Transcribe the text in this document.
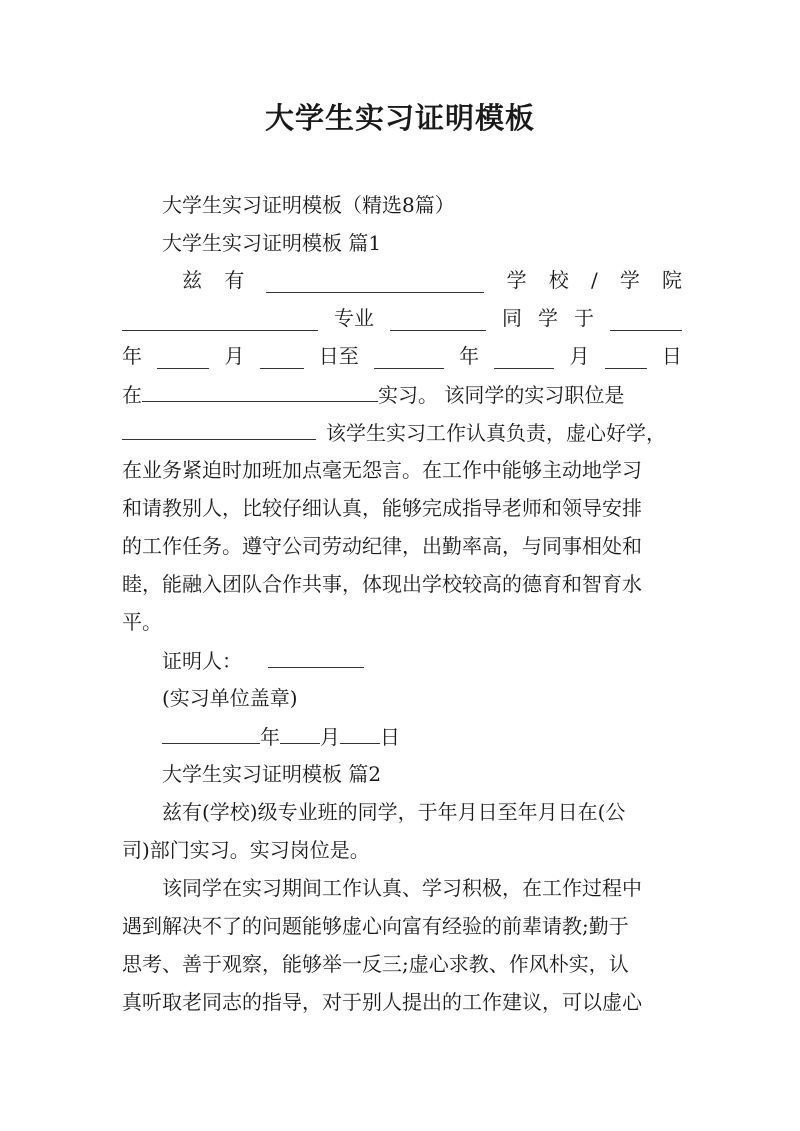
大学生实习证明模板
大学生实习证明模板（精选8篇）
大学生实习证明模板 篇1
兹 有	学 校 / 学 院
专业	同 学 于
年	月	日至	年	月	日
在	实习。 该同学的实习职位是
该学生实习工作认真负责，虚心好学，
在业务紧迫时加班加点毫无怨言。在工作中能够主动地学习
和请教别人，比较仔细认真，能够完成指导老师和领导安排
的工作任务。遵守公司劳动纪律，出勤率高，与同事相处和
睦，能融入团队合作共事，体现出学校较高的德育和智育水
平。
证明人：
(实习单位盖章)
年 月 日
大学生实习证明模板 篇2
兹有(学校)级专业班的同学，于年月日至年月日在(公
司)部门实习。实习岗位是。
该同学在实习期间工作认真、学习积极，在工作过程中
遇到解决不了的问题能够虚心向富有经验的前辈请教;勤于
思考、善于观察，能够举一反三;虚心求教、作风朴实，认
真听取老同志的指导，对于别人提出的工作建议，可以虚心
